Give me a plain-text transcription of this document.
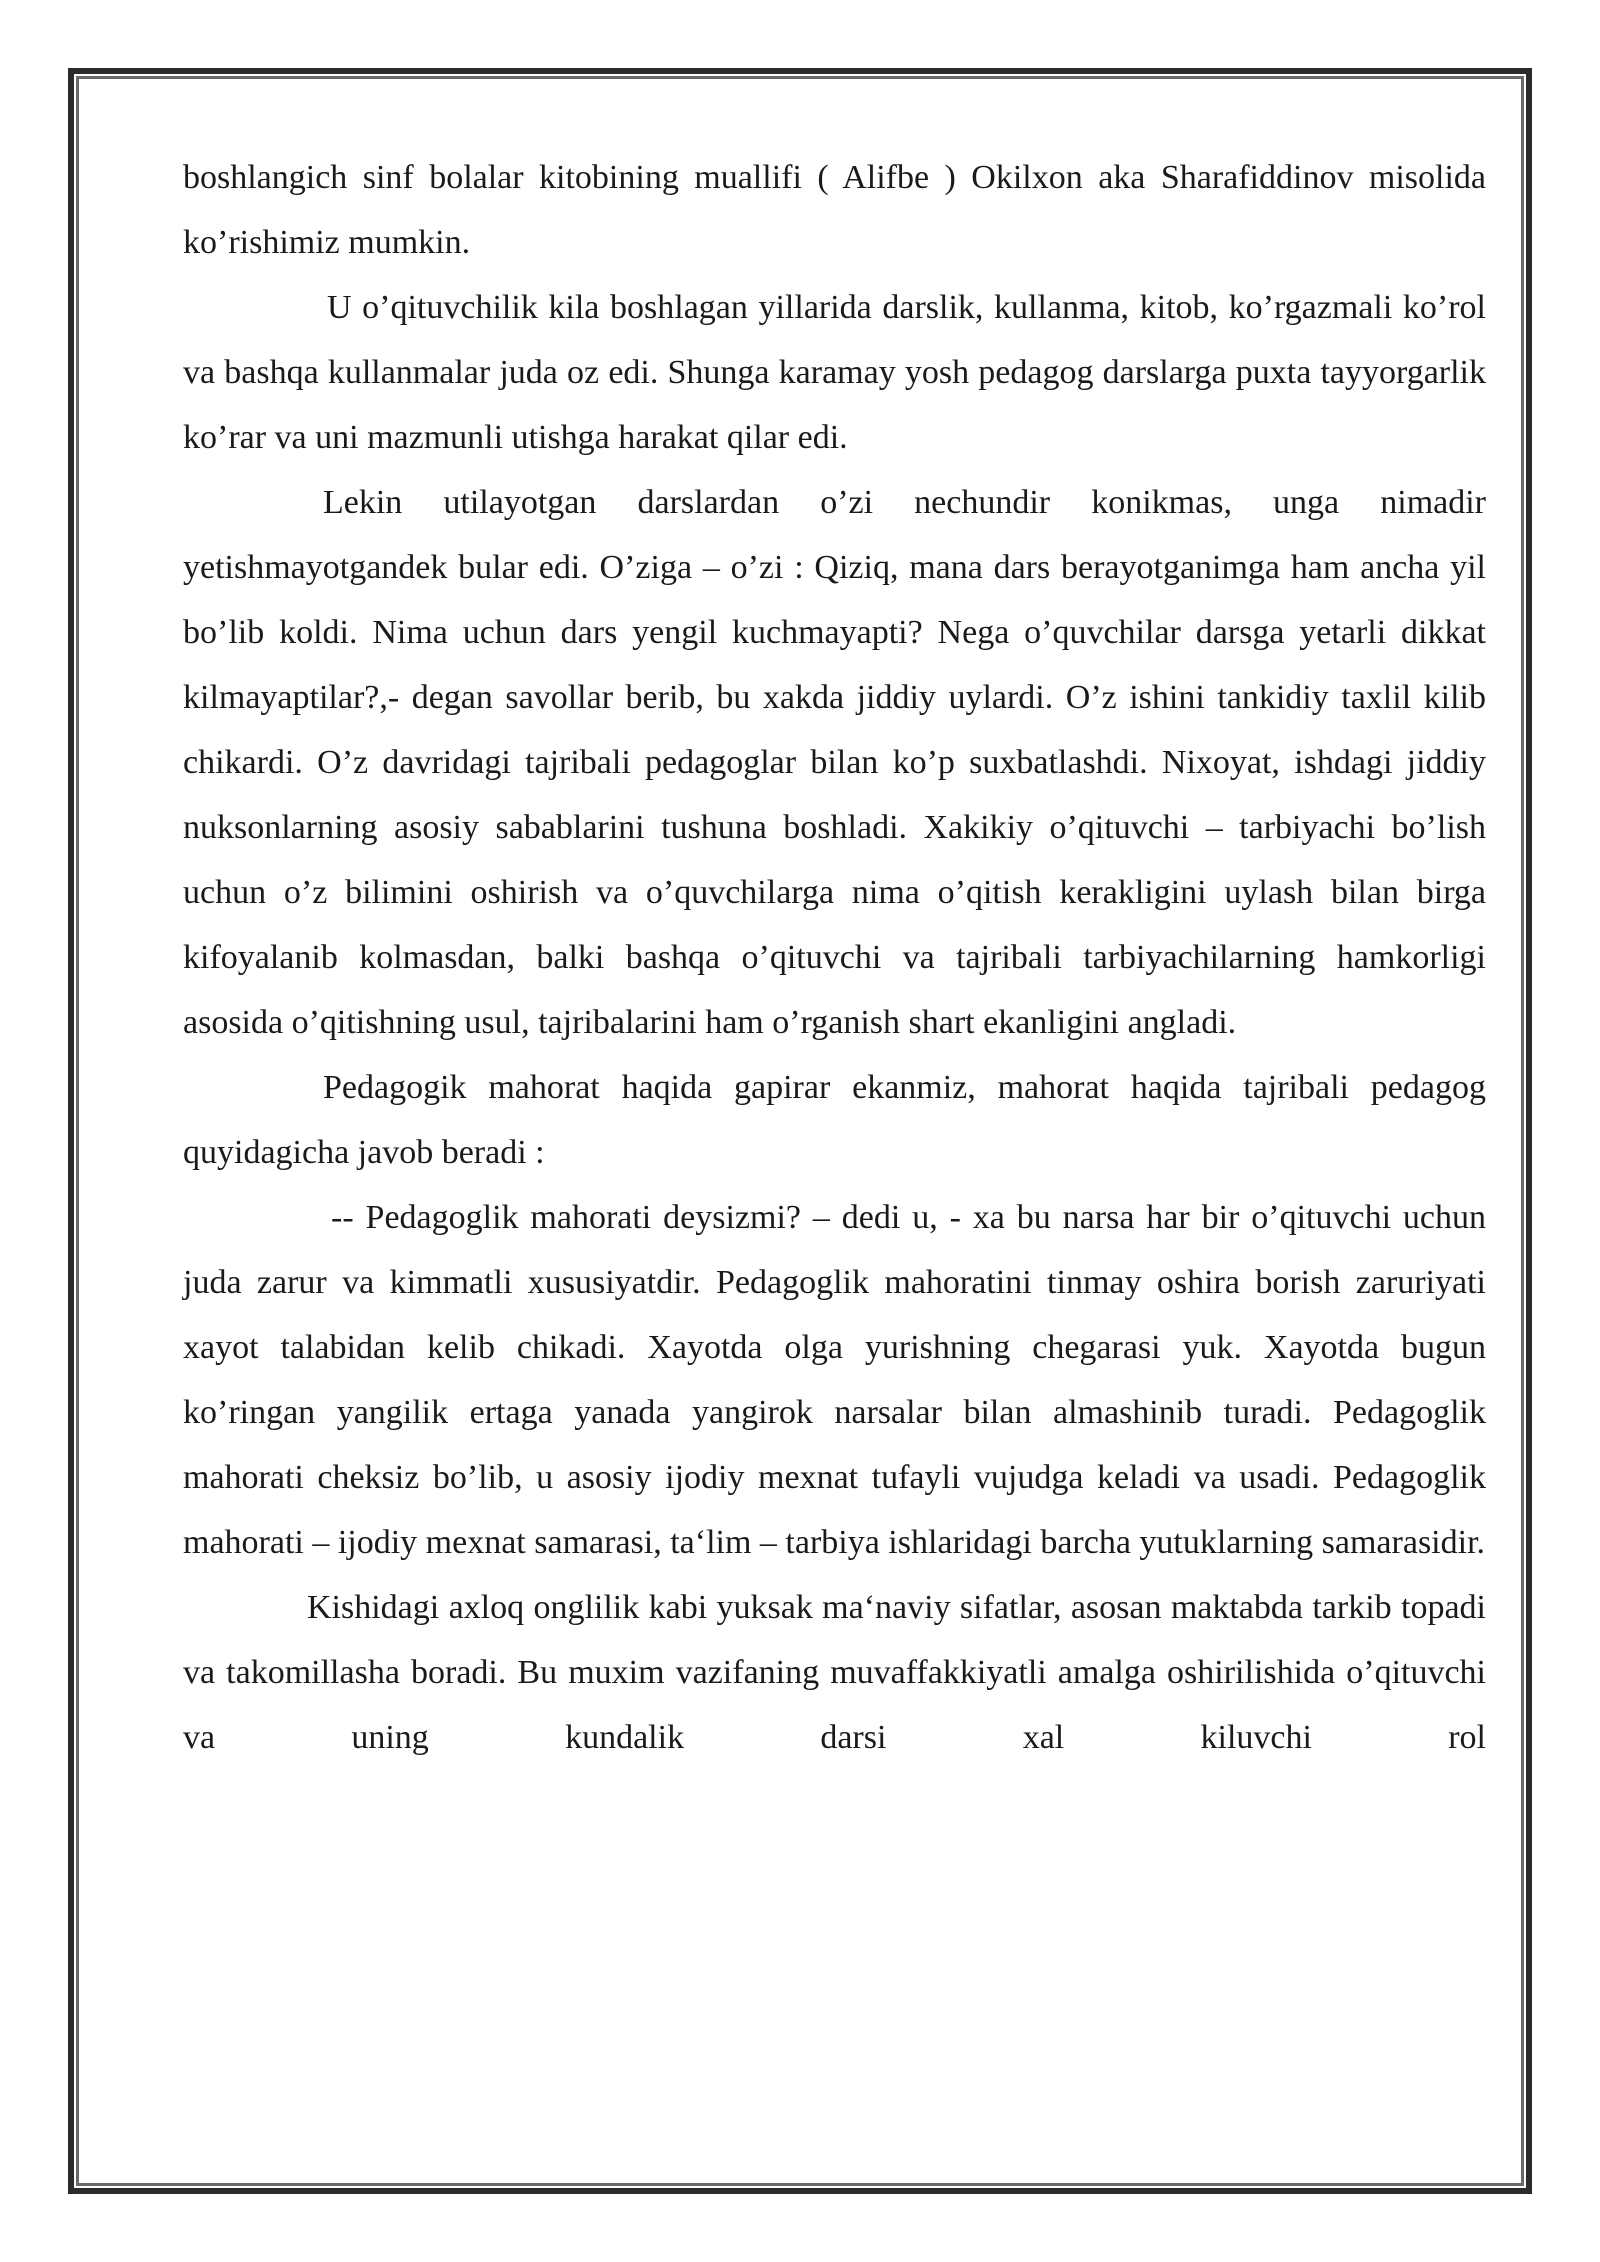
boshlangich sinf bolalar kitobining muallifi ( Alifbe ) Okilxon aka Sharafiddinov misolida ko’rishimiz mumkin.

U o’qituvchilik kila boshlagan yillarida darslik, kullanma, kitob, ko’rgazmali ko’rol va bashqa kullanmalar juda oz edi. Shunga karamay yosh pedagog darslarga puxta tayyorgarlik ko’rar va uni mazmunli utishga harakat qilar edi.

Lekin utilayotgan darslardan o’zi nechundir konikmas, unga nimadir yetishmayotgandek bular edi. O’ziga – o’zi : Qiziq, mana dars berayotganimga ham ancha yil bo’lib koldi. Nima uchun dars yengil kuchmayapti? Nega o’quvchilar darsga yetarli dikkat kilmayaptilar?,- degan savollar berib, bu xakda jiddiy uylardi. O’z ishini tankidiy taxlil kilib chikardi. O’z davridagi tajribali pedagoglar bilan ko’p suxbatlashdi. Nixoyat, ishdagi jiddiy nuksonlarning asosiy sabablarini tushuna boshladi. Xakikiy o’qituvchi – tarbiyachi bo’lish uchun o’z bilimini oshirish va o’quvchilarga nima o’qitish kerakligini uylash bilan birga kifoyalanib kolmasdan, balki bashqa o’qituvchi va tajribali tarbiyachilarning hamkorligi asosida o’qitishning usul, tajribalarini ham o’rganish shart ekanligini angladi.

Pedagogik mahorat haqida gapirar ekanmiz, mahorat haqida tajribali pedagog quyidagicha javob beradi :

-- Pedagoglik mahorati deysizmi? – dedi u, - xa bu narsa har bir o’qituvchi uchun juda zarur va kimmatli xususiyatdir. Pedagoglik mahoratini tinmay oshira borish zaruriyati xayot talabidan kelib chikadi. Xayotda olga yurishning chegarasi yuk. Xayotda bugun ko’ringan yangilik ertaga yanada yangirok narsalar bilan almashinib turadi. Pedagoglik mahorati cheksiz bo’lib, u asosiy ijodiy mexnat tufayli vujudga keladi va usadi. Pedagoglik mahorati – ijodiy mexnat samarasi, ta‘lim – tarbiya ishlaridagi barcha yutuklarning samarasidir.

Kishidagi axloq onglilik kabi yuksak ma‘naviy sifatlar, asosan maktabda tarkib topadi va takomillasha boradi. Bu muxim vazifaning muvaffakkiyatli amalga oshirilishida o’qituvchi va uning kundalik darsi xal kiluvchi rol
